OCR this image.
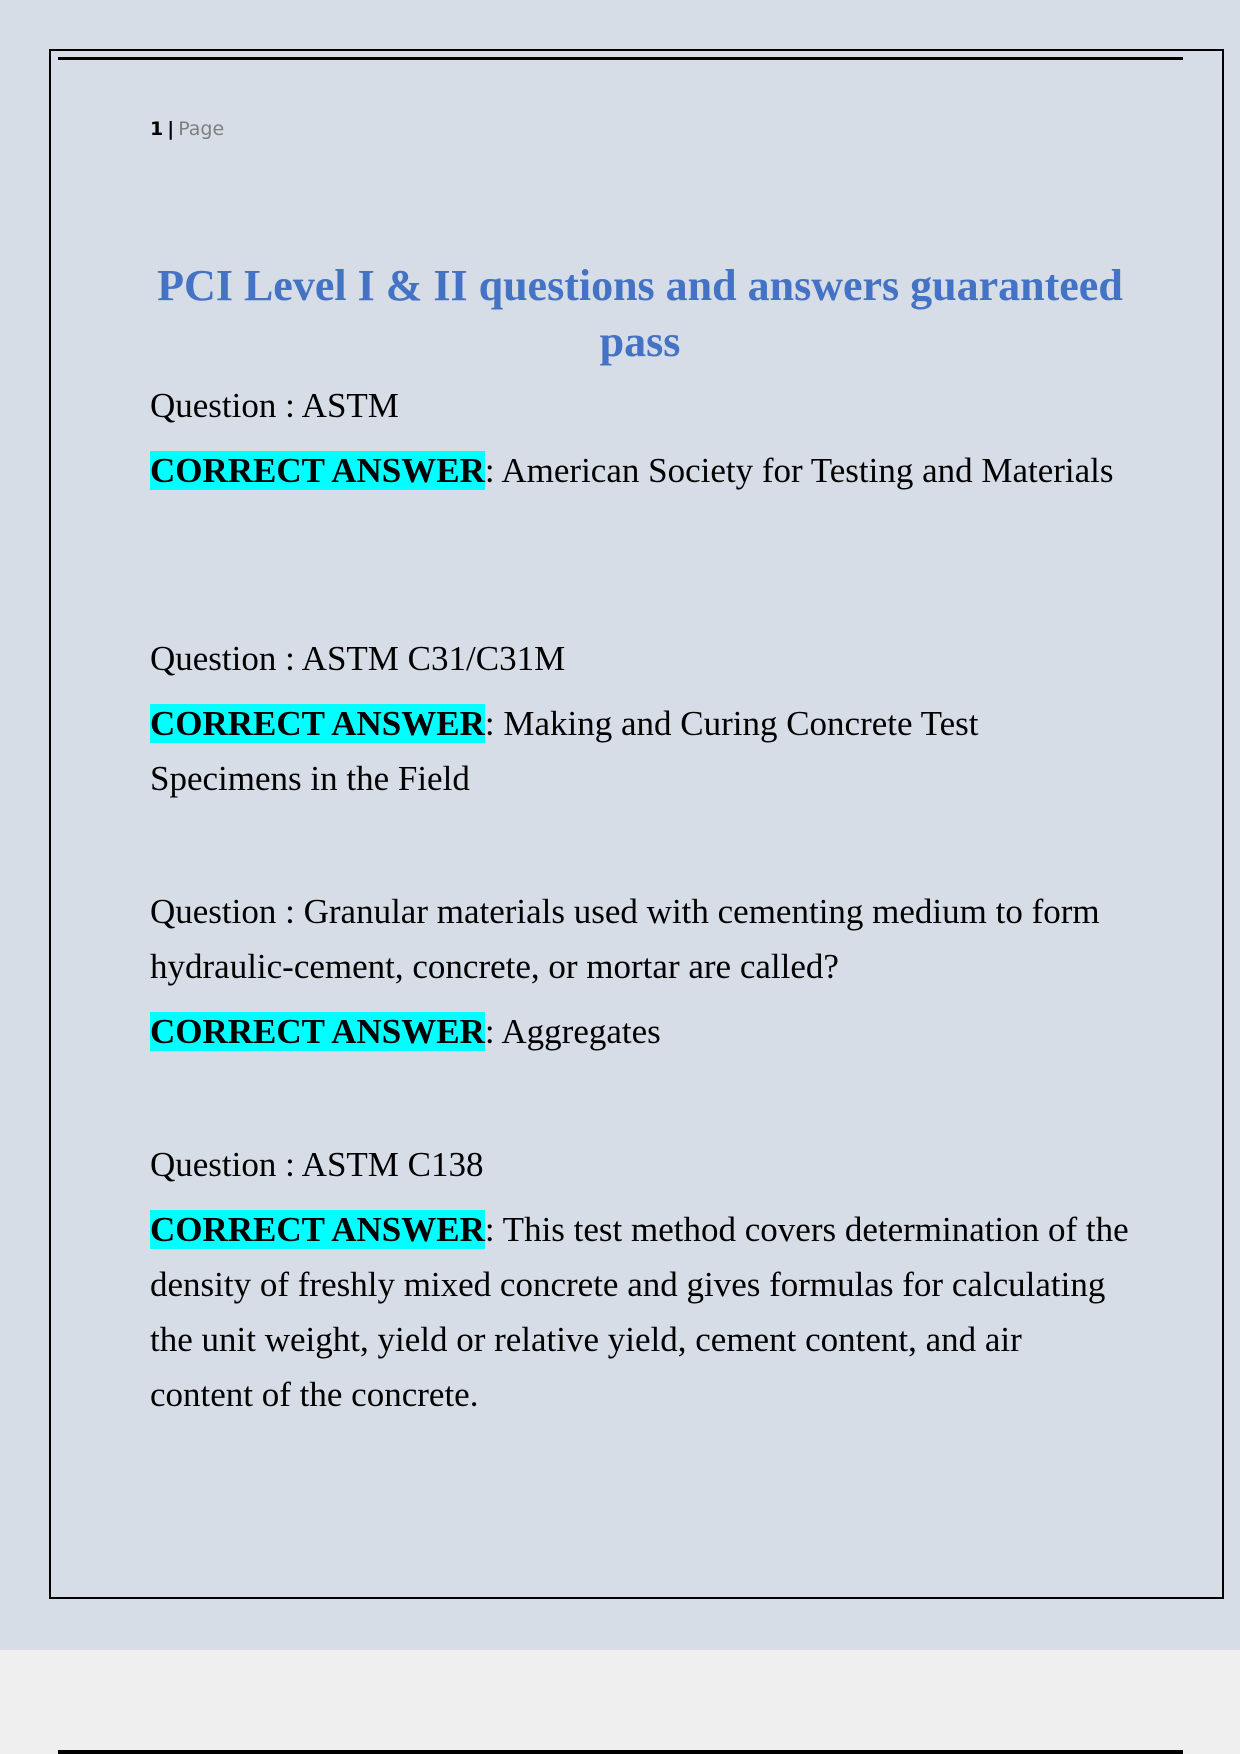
1 | Page
PCI Level I & II questions and answers guaranteed pass

Question : ASTM

CORRECT ANSWER: American Society for Testing and Materials

Question : ASTM C31/C31M

CORRECT ANSWER: Making and Curing Concrete Test Specimens in the Field

Question : Granular materials used with cementing medium to form hydraulic-cement, concrete, or mortar are called?

CORRECT ANSWER: Aggregates

Question : ASTM C138

CORRECT ANSWER: This test method covers determination of the density of freshly mixed concrete and gives formulas for calculating the unit weight, yield or relative yield, cement content, and air content of the concrete.
